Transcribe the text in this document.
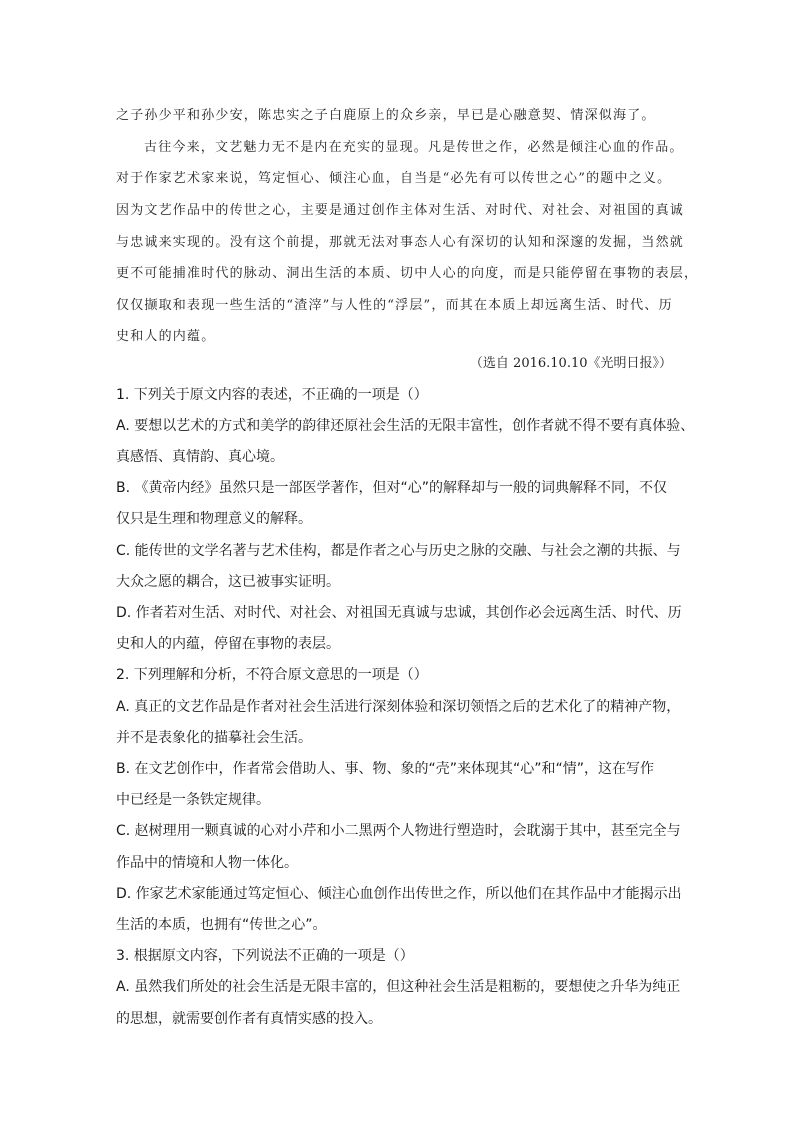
之子孙少平和孙少安，陈忠实之子白鹿原上的众乡亲，早已是心融意契、情深似海了。
古往今来，文艺魅力无不是内在充实的显现。凡是传世之作，必然是倾注心血的作品。
对于作家艺术家来说，笃定恒心、倾注心血，自当是“必先有可以传世之心”的题中之义。
因为文艺作品中的传世之心，主要是通过创作主体对生活、对时代、对社会、对祖国的真诚
与忠诚来实现的。没有这个前提，那就无法对事态人心有深切的认知和深邃的发掘，当然就
更不可能捕准时代的脉动、洞出生活的本质、切中人心的向度，而是只能停留在事物的表层，
仅仅撷取和表现一些生活的“渣滓”与人性的“浮层”，而其在本质上却远离生活、时代、历
史和人的内蕴。
（选自 2016.10.10《光明日报》）
1. 下列关于原文内容的表述，不正确的一项是（）
A. 要想以艺术的方式和美学的韵律还原社会生活的无限丰富性，创作者就不得不要有真体验、
真感悟、真情韵、真心境。
B. 《黄帝内经》虽然只是一部医学著作，但对“心”的解释却与一般的词典解释不同，不仅
仅只是生理和物理意义的解释。
C. 能传世的文学名著与艺术佳构，都是作者之心与历史之脉的交融、与社会之潮的共振、与
大众之愿的耦合，这已被事实证明。
D. 作者若对生活、对时代、对社会、对祖国无真诚与忠诚，其创作必会远离生活、时代、历
史和人的内蕴，停留在事物的表层。
2. 下列理解和分析，不符合原文意思的一项是（）
A. 真正的文艺作品是作者对社会生活进行深刻体验和深切领悟之后的艺术化了的精神产物，
并不是表象化的描摹社会生活。
B. 在文艺创作中，作者常会借助人、事、物、象的“壳”来体现其“心”和“情”，这在写作
中已经是一条铁定规律。
C. 赵树理用一颗真诚的心对小芹和小二黑两个人物进行塑造时，会耽溺于其中，甚至完全与
作品中的情境和人物一体化。
D. 作家艺术家能通过笃定恒心、倾注心血创作出传世之作，所以他们在其作品中才能揭示出
生活的本质，也拥有“传世之心”。
3. 根据原文内容，下列说法不正确的一项是（）
A. 虽然我们所处的社会生活是无限丰富的，但这种社会生活是粗粝的，要想使之升华为纯正
的思想，就需要创作者有真情实感的投入。
